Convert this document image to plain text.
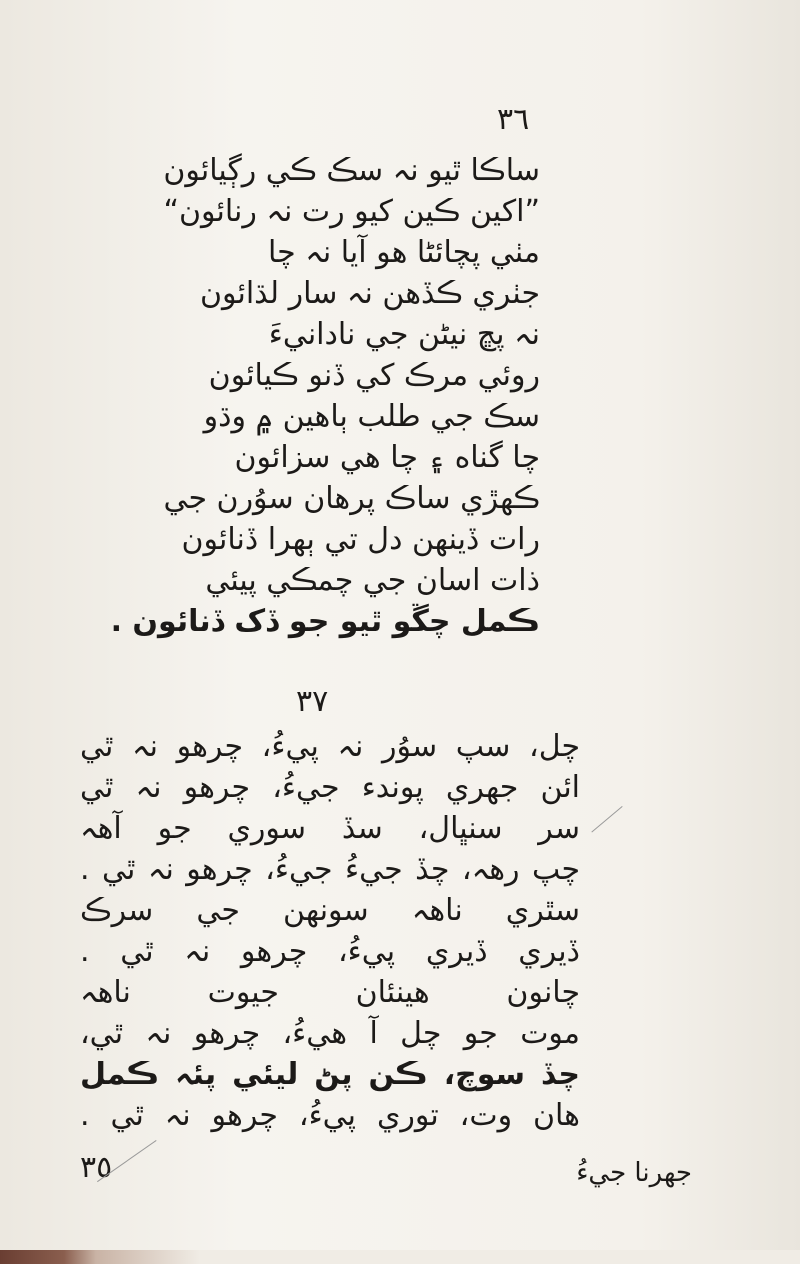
٣٦
ساڪا ٿيو نہ سڪ ڪي رڳيائون
”اکين ڪين کيو رت نہ رنائون“
مٺي پچائڻا هو آيا نہ چا
جٺري ڪڏهن نہ سار لڌائون
نہ پڇ نيڻن جي نادانيءَ
روئي مرڪ کي ڏنو ڪيائون
سڪ جي طلب ٻاهين ۾ وڌو
چا گناه ۽ چا هي سزائون
ڪهڙي ساڪ پرهان سوُرن جي
رات ڏينهن دل تي ٻهرا ڏنائون
ذات اسان جي چمڪي پيئي
ڪمل چڱو ٿيو جو ڏک ڏنائون .
٣٧
چل، سپ سوُر نہ پيءُ، چرهو نہ ٿي
ائن جهري پوندء جيءُ، چرهو نہ ٿي
سر سنڀال، سڏ سوري جو آهہ
چپ رهہ، چڏ جيءُ جيءُ، چرهو نہ ٿي .
سٿري ناهہ سونهن جي سرڪ
ڏيري ڏيري پيءُ، چرهو نہ ٿي .
چانون هينئان جيوت ناهہ
موت جو چل آ هيءُ، چرهو نہ ٿي،
چڏ سوچ، ڪن پڻ ليئي پئہ ڪمل
هان وت، توري پيءُ، چرهو نہ ٿي .
٣٥	جهرنا جيءُ
